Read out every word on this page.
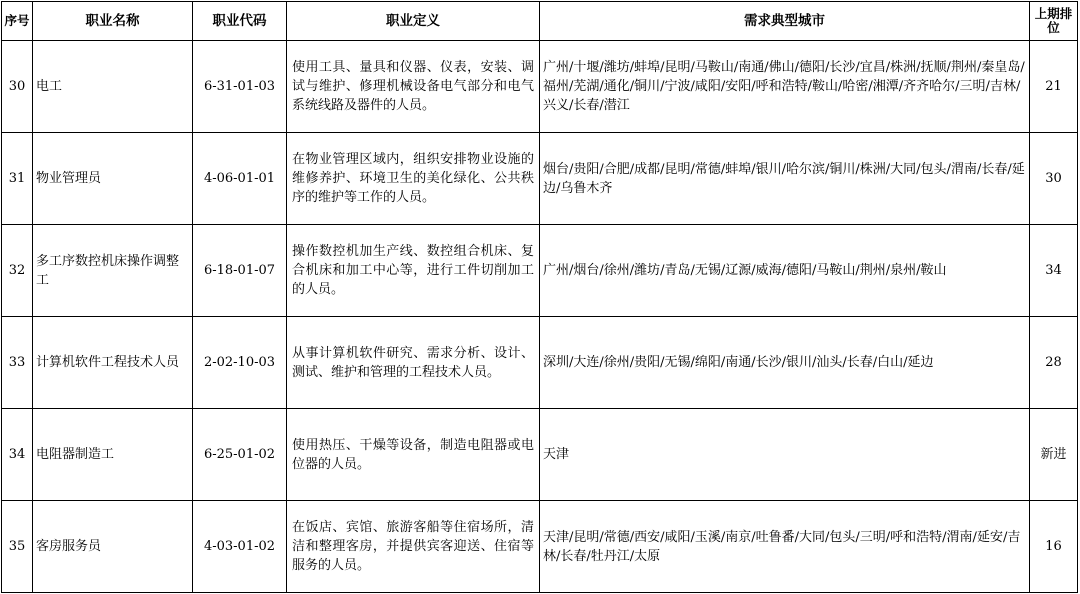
序号	职业名称	职业代码	职业定义	需求典型城市	上期排位
30	电工	6-31-01-03	使用工具、量具和仪器、仪表，安装、调试与维护、修理机械设备电气部分和电气系统线路及器件的人员。	广州/十堰/潍坊/蚌埠/昆明/马鞍山/南通/佛山/德阳/长沙/宜昌/株洲/抚顺/荆州/秦皇岛/福州/芜湖/通化/铜川/宁波/咸阳/安阳/呼和浩特/鞍山/哈密/湘潭/齐齐哈尔/三明/吉林/兴义/长春/潜江	21
31	物业管理员	4-06-01-01	在物业管理区域内，组织安排物业设施的维修养护、环境卫生的美化绿化、公共秩序的维护等工作的人员。	烟台/贵阳/合肥/成都/昆明/常德/蚌埠/银川/哈尔滨/铜川/株洲/大同/包头/渭南/长春/延边/乌鲁木齐	30
32	多工序数控机床操作调整工	6-18-01-07	操作数控机加生产线、数控组合机床、复合机床和加工中心等，进行工件切削加工的人员。	广州/烟台/徐州/潍坊/青岛/无锡/辽源/威海/德阳/马鞍山/荆州/泉州/鞍山	34
33	计算机软件工程技术人员	2-02-10-03	从事计算机软件研究、需求分析、设计、测试、维护和管理的工程技术人员。	深圳/大连/徐州/贵阳/无锡/绵阳/南通/长沙/银川/汕头/长春/白山/延边	28
34	电阻器制造工	6-25-01-02	使用热压、干燥等设备，制造电阻器或电位器的人员。	天津	新进
35	客房服务员	4-03-01-02	在饭店、宾馆、旅游客船等住宿场所，清洁和整理客房，并提供宾客迎送、住宿等服务的人员。	天津/昆明/常德/西安/咸阳/玉溪/南京/吐鲁番/大同/包头/三明/呼和浩特/渭南/延安/吉林/长春/牡丹江/太原	16
